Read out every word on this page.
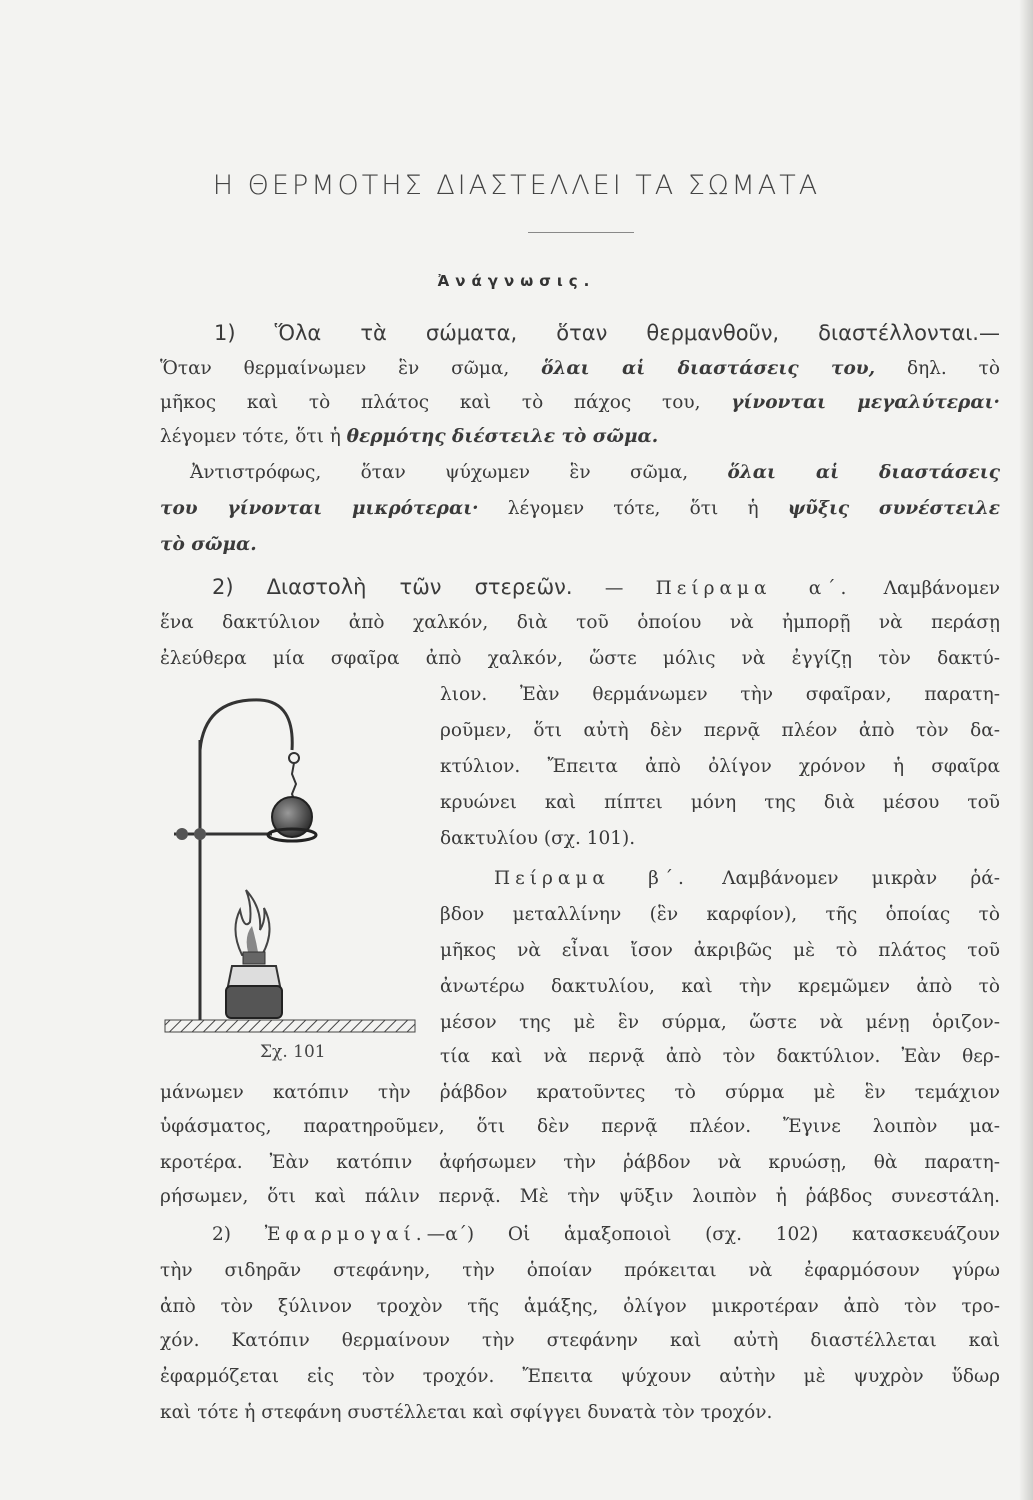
Η ΘΕΡΜΟΤΗΣ ΔΙΑΣΤΕΛΛΕΙ ΤΑ ΣΩΜΑΤΑ
Ἀνάγνωσις.
1) Ὅλα τὰ σώματα, ὅταν θερμανθοῦν, διαστέλλονται.—
Ὅταν θερμαίνωμεν ἓν σῶμα, ὅλαι αἱ διαστάσεις του, δηλ. τὸ
μῆκος καὶ τὸ πλάτος καὶ τὸ πάχος του, γίνονται μεγαλύτεραι·
λέγομεν τότε, ὅτι ἡ θερμότης διέστειλε τὸ σῶμα.
Ἀντιστρόφως, ὅταν ψύχωμεν ἓν σῶμα, ὅλαι αἱ διαστάσεις
του γίνονται μικρότεραι· λέγομεν τότε, ὅτι ἡ ψῦξις συνέστειλε
τὸ σῶμα.
2) Διαστολὴ τῶν στερεῶν. — Πείραμα α΄. Λαμβάνομεν
ἕνα δακτύλιον ἀπὸ χαλκόν, διὰ τοῦ ὁποίου νὰ ἠμπορῇ νὰ περάσῃ
ἐλεύθερα μία σφαῖρα ἀπὸ χαλκόν, ὥστε μόλις νὰ ἐγγίζῃ τὸν δακτύ-
λιον. Ἐὰν θερμάνωμεν τὴν σφαῖραν, παρατη-
ροῦμεν, ὅτι αὐτὴ δὲν περνᾷ πλέον ἀπὸ τὸν δα-
κτύλιον. Ἔπειτα ἀπὸ ὀλίγον χρόνον ἡ σφαῖρα
κρυώνει καὶ πίπτει μόνη της διὰ μέσου τοῦ
δακτυλίου (σχ. 101).
Πείραμα β΄. Λαμβάνομεν μικρὰν ῥά-
βδον μεταλλίνην (ἓν καρφίον), τῆς ὁποίας τὸ
μῆκος νὰ εἶναι ἴσον ἀκριβῶς μὲ τὸ πλάτος τοῦ
ἀνωτέρω δακτυλίου, καὶ τὴν κρεμῶμεν ἀπὸ τὸ
μέσον της μὲ ἓν σύρμα, ὥστε νὰ μένῃ ὁριζον-
τία καὶ νὰ περνᾷ ἀπὸ τὸν δακτύλιον. Ἐὰν θερ-
μάνωμεν κατόπιν τὴν ῥάβδον κρατοῦντες τὸ σύρμα μὲ ἓν τεμάχιον
ὑφάσματος, παρατηροῦμεν, ὅτι δὲν περνᾷ πλέον. Ἔγινε λοιπὸν μα-
κροτέρα. Ἐὰν κατόπιν ἀφήσωμεν τὴν ῥάβδον νὰ κρυώσῃ, θὰ παρατη-
ρήσωμεν, ὅτι καὶ πάλιν περνᾷ. Μὲ τὴν ψῦξιν λοιπὸν ἡ ῥάβδος συνεστάλη.
2) Ἐφαρμογαί.—α΄) Οἱ ἁμαξοποιοὶ (σχ. 102) κατασκευάζουν
τὴν σιδηρᾶν στεφάνην, τὴν ὁποίαν πρόκειται νὰ ἐφαρμόσουν γύρω
ἀπὸ τὸν ξύλινον τροχὸν τῆς ἁμάξης, ὀλίγον μικροτέραν ἀπὸ τὸν τρο-
χόν. Κατόπιν θερμαίνουν τὴν στεφάνην καὶ αὐτὴ διαστέλλεται καὶ
ἐφαρμόζεται εἰς τὸν τροχόν. Ἔπειτα ψύχουν αὐτὴν μὲ ψυχρὸν ὕδωρ
καὶ τότε ἡ στεφάνη συστέλλεται καὶ σφίγγει δυνατὰ τὸν τροχόν.
Σχ. 101
